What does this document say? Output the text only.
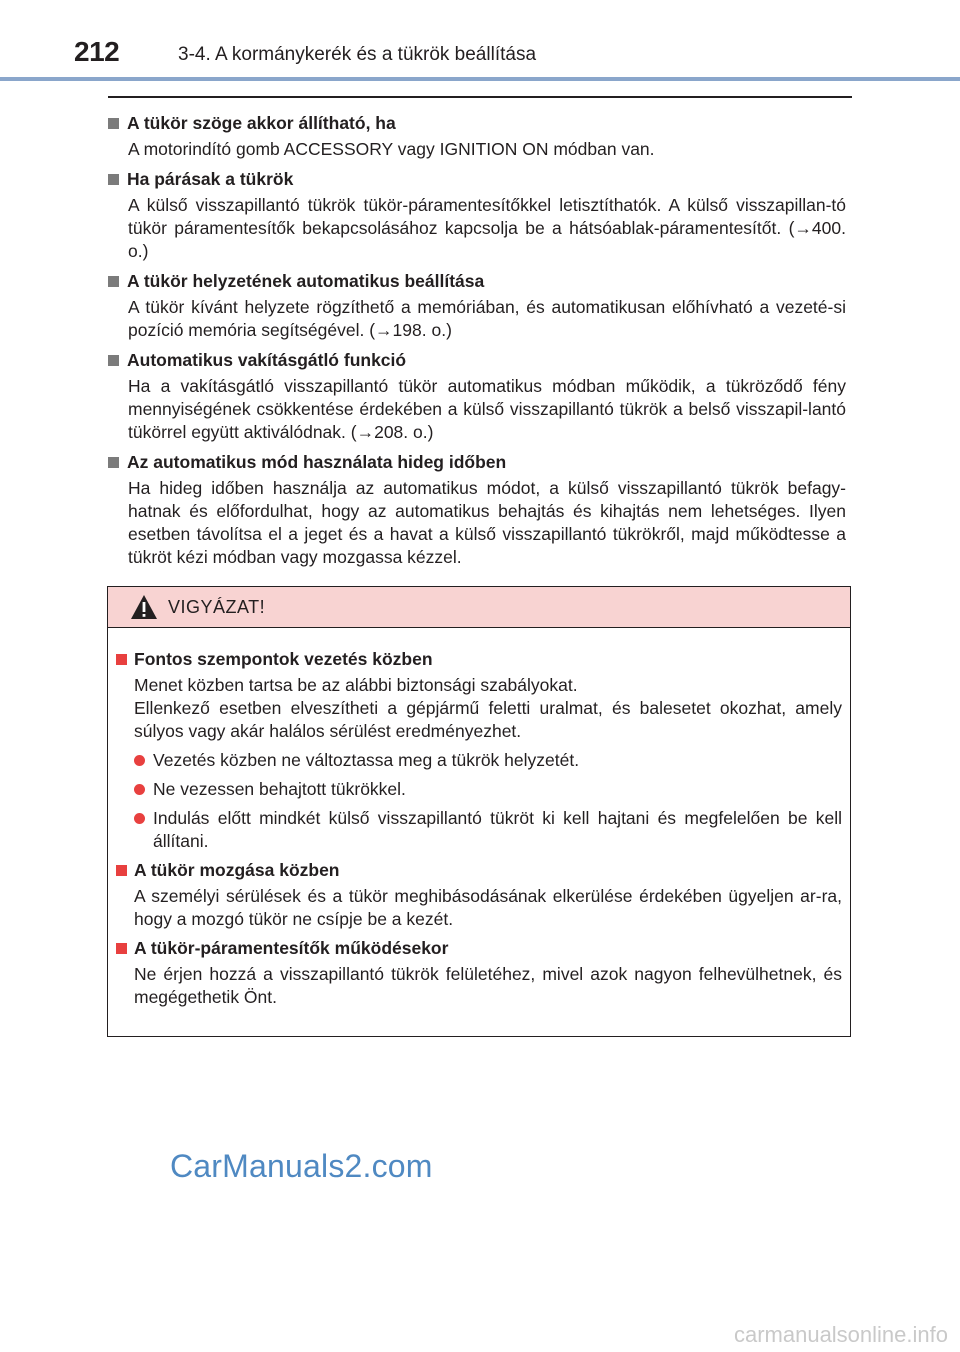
212	3-4. A kormánykerék és a tükrök beállítása
A tükör szöge akkor állítható, ha
A motorindító gomb ACCESSORY vagy IGNITION ON módban van.
Ha párásak a tükrök
A külső visszapillantó tükrök tükör-páramentesítőkkel letisztíthatók. A külső visszapillan-tó tükör páramentesítők bekapcsolásához kapcsolja be a hátsóablak-páramentesítőt. (→400. o.)
A tükör helyzetének automatikus beállítása
A tükör kívánt helyzete rögzíthető a memóriában, és automatikusan előhívható a vezeté-si pozíció memória segítségével. (→198. o.)
Automatikus vakításgátló funkció
Ha a vakításgátló visszapillantó tükör automatikus módban működik, a tükröződő fény mennyiségének csökkentése érdekében a külső visszapillantó tükrök a belső visszapil-lantó tükörrel együtt aktiválódnak. (→208. o.)
Az automatikus mód használata hideg időben
Ha hideg időben használja az automatikus módot, a külső visszapillantó tükrök befagy-hatnak és előfordulhat, hogy az automatikus behajtás és kihajtás nem lehetséges. Ilyen esetben távolítsa el a jeget és a havat a külső visszapillantó tükrökről, majd működtesse a tükröt kézi módban vagy mozgassa kézzel.
VIGYÁZAT!
Fontos szempontok vezetés közben
Menet közben tartsa be az alábbi biztonsági szabályokat.
Ellenkező esetben elveszítheti a gépjármű feletti uralmat, és balesetet okozhat, amely súlyos vagy akár halálos sérülést eredményezhet.
Vezetés közben ne változtassa meg a tükrök helyzetét.
Ne vezessen behajtott tükrökkel.
Indulás előtt mindkét külső visszapillantó tükröt ki kell hajtani és megfelelően be kell állítani.
A tükör mozgása közben
A személyi sérülések és a tükör meghibásodásának elkerülése érdekében ügyeljen ar-ra, hogy a mozgó tükör ne csípje be a kezét.
A tükör-páramentesítők működésekor
Ne érjen hozzá a visszapillantó tükrök felületéhez, mivel azok nagyon felhevülhetnek, és megégethetik Önt.
CarManuals2.com
carmanualsonline.info
